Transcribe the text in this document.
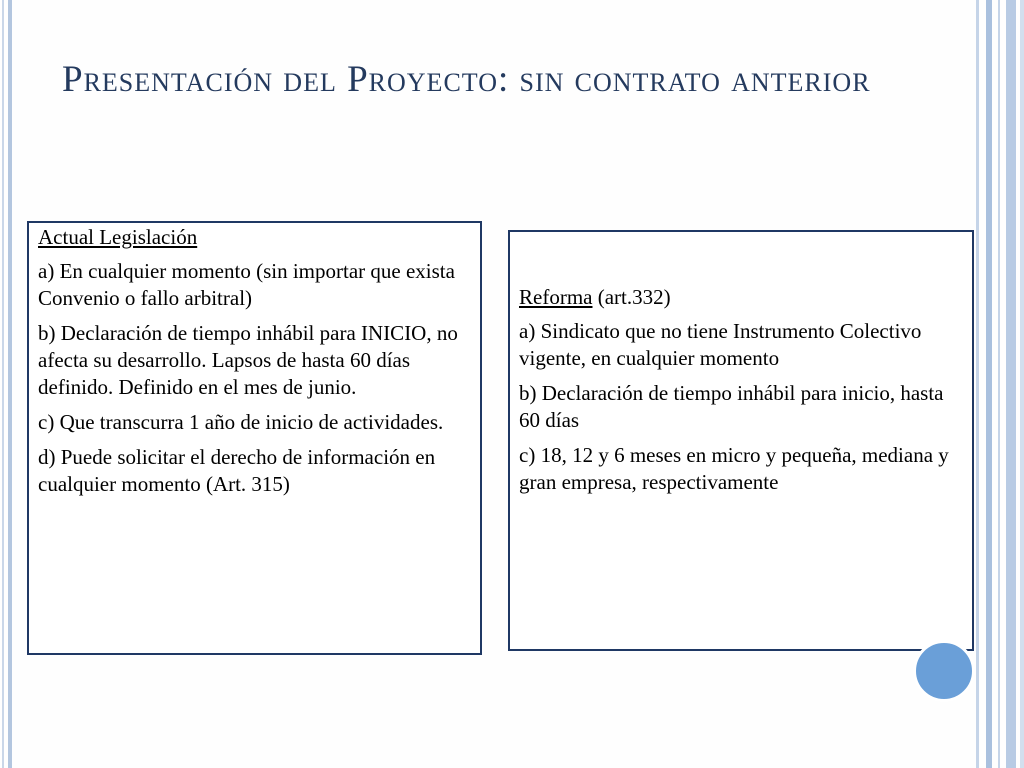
Presentación del Proyecto: sin contrato anterior

Actual Legislación

a) En cualquier momento (sin importar que exista Convenio o fallo arbitral)

b) Declaración de tiempo inhábil para INICIO, no afecta su desarrollo. Lapsos de hasta 60 días definido. Definido en el mes de junio.

c) Que transcurra 1 año de inicio de actividades.

d) Puede solicitar el derecho de información en cualquier momento (Art. 315)

Reforma (art.332)

a) Sindicato que no tiene Instrumento Colectivo vigente, en cualquier momento

b) Declaración de tiempo inhábil para inicio, hasta 60 días

c) 18, 12 y 6 meses en micro y pequeña, mediana y gran empresa, respectivamente
